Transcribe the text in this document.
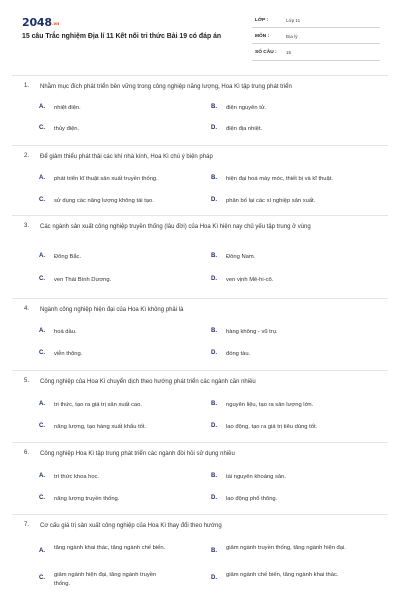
2048.vn
15 câu Trắc nghiệm Địa lí 11 Kết nối tri thức Bài 19 có đáp án
LỚP :	Lớp 11
MÔN :	Địa lý
SỐ CÂU : 15
1. Nhằm mục đích phát triển bền vững trong công nghiệp năng lượng, Hoa Kì tập trung phát triển
A. nhiệt điện.	B. điện nguyên tử.
C. thủy điện.	D. điện địa nhiệt.
2. Để giảm thiểu phát thải các khí nhà kính, Hoa Kì chú ý biện pháp
A. phát triển kĩ thuật sản xuất truyền thống.	B. hiện đại hoá máy móc, thiết bị và kĩ thuật.
C. sử dụng các năng lượng không tái tạo.	D. phân bố lại các xí nghiệp sản xuất.
3. Các ngành sản xuất công nghiệp truyền thống (lâu đời) của Hoa Kì hiện nay chủ yếu tập trung ở vùng
A. Đông Bắc.	B. Đông Nam.
C. ven Thái Bình Dương.	D. ven vịnh Mê-hi-cô.
4. Ngành công nghiệp hiện đại của Hoa Kì không phải là
A. hoá dầu.	B. hàng không - vũ trụ.
C. viễn thông.	D. đóng tàu.
5. Công nghiệp của Hoa Kì chuyển dịch theo hướng phát triển các ngành cần nhiều
A. tri thức, tạo ra giá trị sản xuất cao.	B. nguyên liệu, tạo ra sản lượng lớn.
C. năng lượng, tạo hàng xuất khẩu tốt.	D. lao động, tạo ra giá trị tiêu dùng tốt.
6. Công nghiệp Hoa Kì tập trung phát triển các ngành đòi hỏi sử dụng nhiều
A. trí thức khoa học.	B. tài nguyên khoáng sản.
C. năng lượng truyền thống.	D. lao động phổ thông.
7. Cơ cấu giá trị sản xuất công nghiệp của Hoa Kì thay đổi theo hướng
A. tăng ngành khai thác, tăng ngành chế biến.	B. giảm ngành truyền thống, tăng ngành hiện đại.
C. giảm ngành hiện đại, tăng ngành truyền thống.
D. giảm ngành chế biến, tăng ngành khai thác.
